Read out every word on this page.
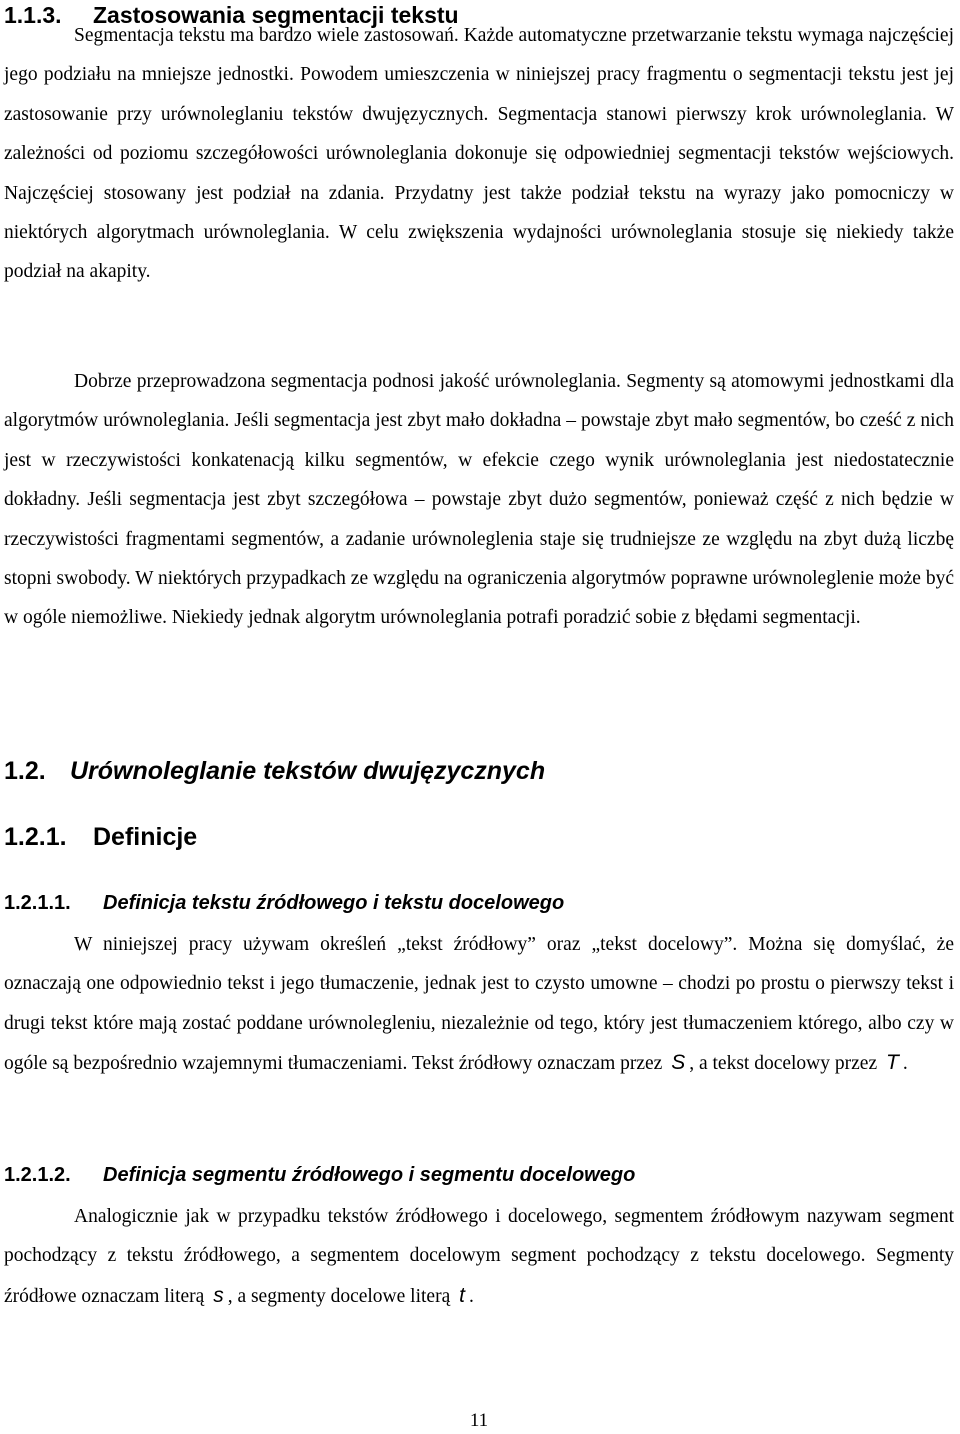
1.1.3. Zastosowania segmentacji tekstu

Segmentacja tekstu ma bardzo wiele zastosowań. Każde automatyczne przetwarzanie tekstu wymaga najczęściej jego podziału na mniejsze jednostki. Powodem umieszczenia w niniejszej pracy fragmentu o segmentacji tekstu jest jej zastosowanie przy urównoleglaniu tekstów dwujęzycznych. Segmentacja stanowi pierwszy krok urównoleglania. W zależności od poziomu szczegółowości urównoleglania dokonuje się odpowiedniej segmentacji tekstów wejściowych. Najczęściej stosowany jest podział na zdania. Przydatny jest także podział tekstu na wyrazy jako pomocniczy w niektórych algorytmach urównoleglania. W celu zwiększenia wydajności urównoleglania stosuje się niekiedy także podział na akapity.

Dobrze przeprowadzona segmentacja podnosi jakość urównoleglania. Segmenty są atomowymi jednostkami dla algorytmów urównoleglania. Jeśli segmentacja jest zbyt mało dokładna – powstaje zbyt mało segmentów, bo cześć z nich jest w rzeczywistości konkatenacją kilku segmentów, w efekcie czego wynik urównoleglania jest niedostatecznie dokładny. Jeśli segmentacja jest zbyt szczegółowa – powstaje zbyt dużo segmentów, ponieważ część z nich będzie w rzeczywistości fragmentami segmentów, a zadanie urównoleglenia staje się trudniejsze ze względu na zbyt dużą liczbę stopni swobody. W niektórych przypadkach ze względu na ograniczenia algorytmów poprawne urównoleglenie może być w ogóle niemożliwe. Niekiedy jednak algorytm urównoleglania potrafi poradzić sobie z błędami segmentacji.

1.2. Urównoleglanie tekstów dwujęzycznych
1.2.1. Definicje
1.2.1.1. Definicja tekstu źródłowego i tekstu docelowego

W niniejszej pracy używam określeń „tekst źródłowy” oraz „tekst docelowy”. Można się domyślać, że oznaczają one odpowiednio tekst i jego tłumaczenie, jednak jest to czysto umowne – chodzi po prostu o pierwszy tekst i drugi tekst które mają zostać poddane urównolegleniu, niezależnie od tego, który jest tłumaczeniem którego, albo czy w ogóle są bezpośrednio wzajemnymi tłumaczeniami. Tekst źródłowy oznaczam przez S , a tekst docelowy przez T .

1.2.1.2. Definicja segmentu źródłowego i segmentu docelowego

Analogicznie jak w przypadku tekstów źródłowego i docelowego, segmentem źródłowym nazywam segment pochodzący z tekstu źródłowego, a segmentem docelowym segment pochodzący z tekstu docelowego. Segmenty źródłowe oznaczam literą s , a segmenty docelowe literą t .

11
